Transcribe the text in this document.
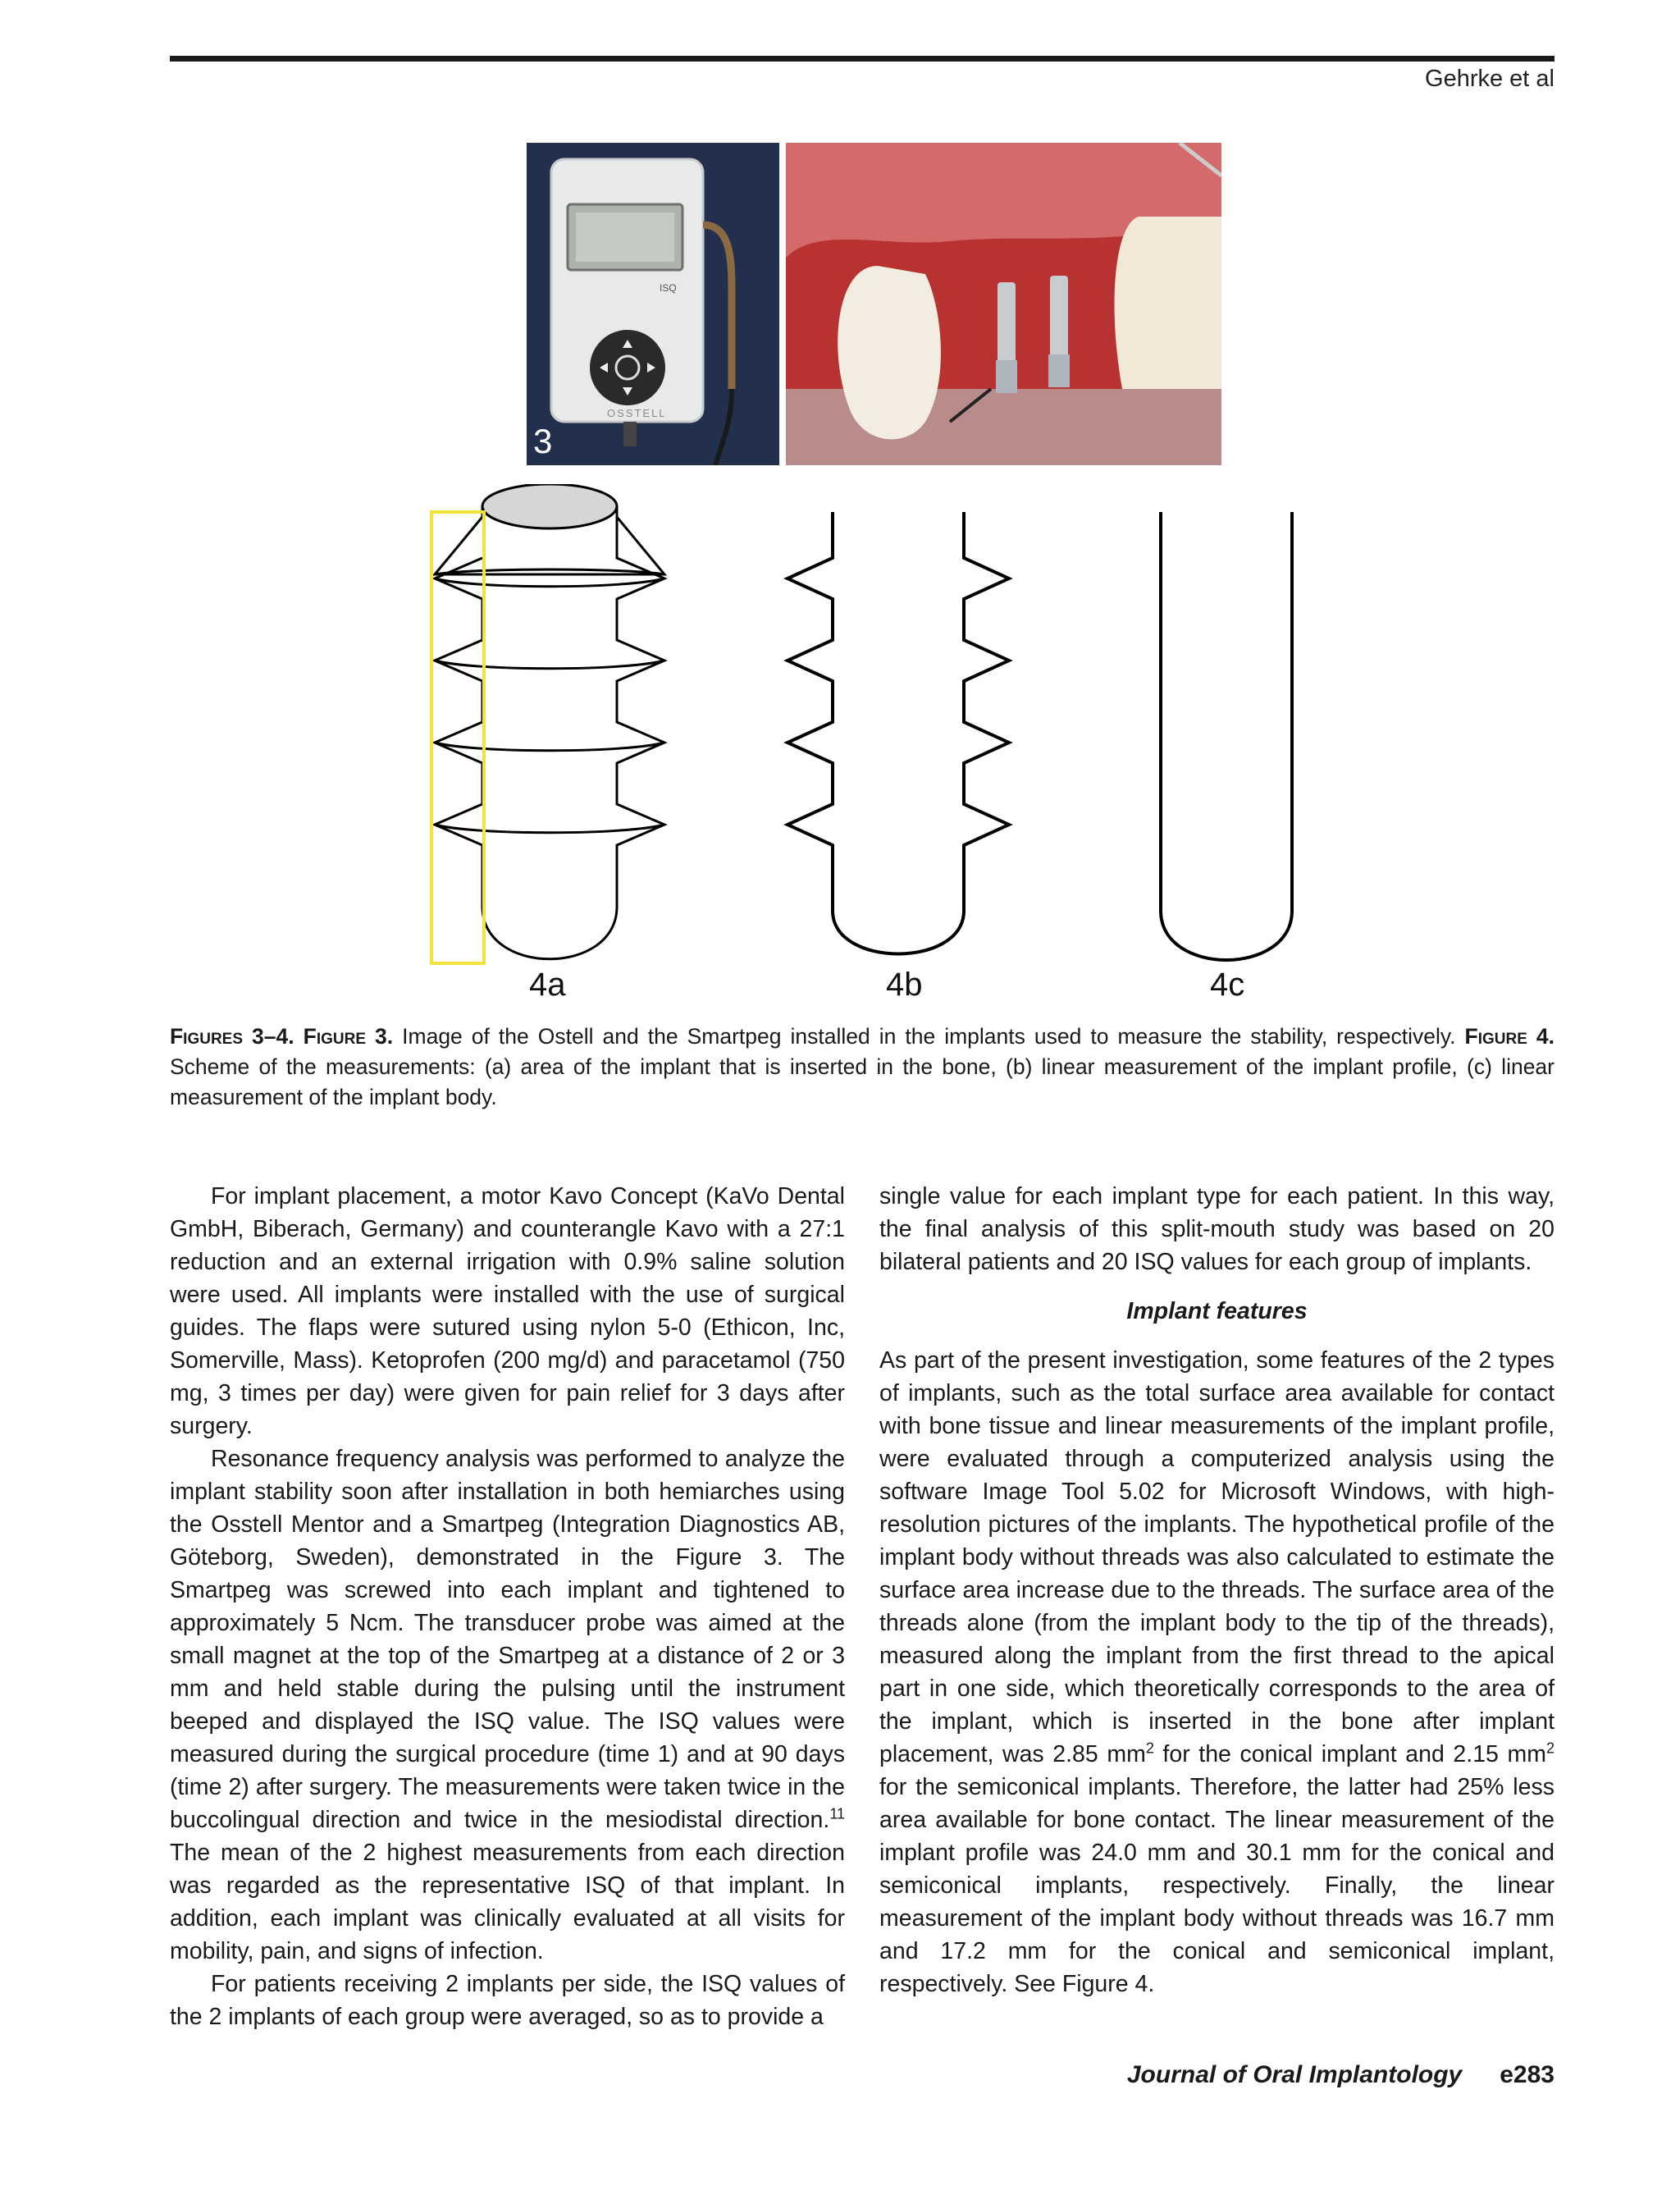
Gehrke et al
ISQ
OSSTELL
3
4a	4b	4c
Figures 3–4. Figure 3. Image of the Ostell and the Smartpeg installed in the implants used to measure the stability, respectively. Figure 4. Scheme of the measurements: (a) area of the implant that is inserted in the bone, (b) linear measurement of the implant profile, (c) linear measurement of the implant body.

For implant placement, a motor Kavo Concept (KaVo Dental GmbH, Biberach, Germany) and counterangle Kavo with a 27:1 reduction and an external irrigation with 0.9% saline solution were used. All implants were installed with the use of surgical guides. The flaps were sutured using nylon 5-0 (Ethicon, Inc, Somerville, Mass). Ketoprofen (200 mg/d) and paracetamol (750 mg, 3 times per day) were given for pain relief for 3 days after surgery.

Resonance frequency analysis was performed to analyze the implant stability soon after installation in both hemiarches using the Osstell Mentor and a Smartpeg (Integration Diagnostics AB, Göteborg, Sweden), demonstrated in the Figure 3. The Smartpeg was screwed into each implant and tightened to approximately 5 Ncm. The transducer probe was aimed at the small magnet at the top of the Smartpeg at a distance of 2 or 3 mm and held stable during the pulsing until the instrument beeped and displayed the ISQ value. The ISQ values were measured during the surgical procedure (time 1) and at 90 days (time 2) after surgery. The measurements were taken twice in the buccolingual direction and twice in the mesiodistal direction.$^{11}$ The mean of the 2 highest measurements from each direction was regarded as the representative ISQ of that implant. In addition, each implant was clinically evaluated at all visits for mobility, pain, and signs of infection.

For patients receiving 2 implants per side, the ISQ values of the 2 implants of each group were averaged, so as to provide a

single value for each implant type for each patient. In this way, the final analysis of this split-mouth study was based on 20 bilateral patients and 20 ISQ values for each group of implants.

Implant features

As part of the present investigation, some features of the 2 types of implants, such as the total surface area available for contact with bone tissue and linear measurements of the implant profile, were evaluated through a computerized analysis using the software Image Tool 5.02 for Microsoft Windows, with high-resolution pictures of the implants. The hypothetical profile of the implant body without threads was also calculated to estimate the surface area increase due to the threads. The surface area of the threads alone (from the implant body to the tip of the threads), measured along the implant from the first thread to the apical part in one side, which theoretically corresponds to the area of the implant, which is inserted in the bone after implant placement, was 2.85 $mm^2$ for the conical implant and 2.15 $mm^2$ for the semiconical implants. Therefore, the latter had 25% less area available for bone contact. The linear measurement of the implant profile was 24.0 mm and 30.1 mm for the conical and semiconical implants, respectively. Finally, the linear measurement of the implant body without threads was 16.7 mm and 17.2 mm for the conical and semiconical implant, respectively. See Figure 4.

Journal of Oral Implantology e283
